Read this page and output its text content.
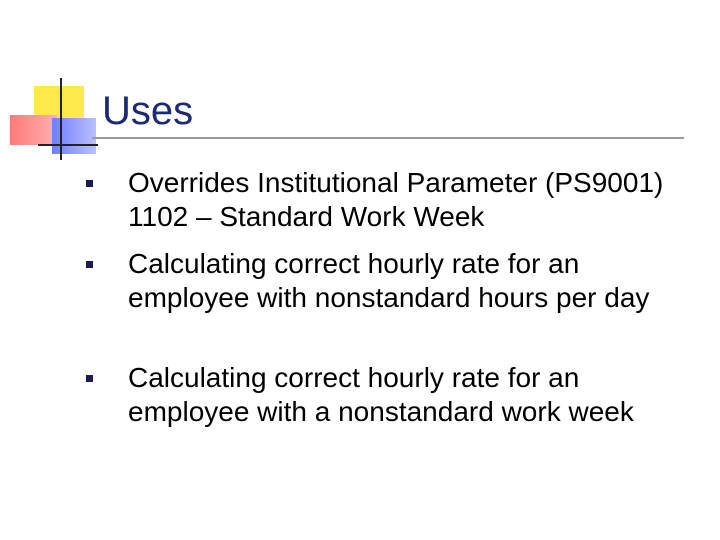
Uses
Overrides Institutional Parameter (PS9001) 1102 – Standard Work Week
Calculating correct hourly rate for an employee with nonstandard hours per day
Calculating correct hourly rate for an employee with a nonstandard work week
